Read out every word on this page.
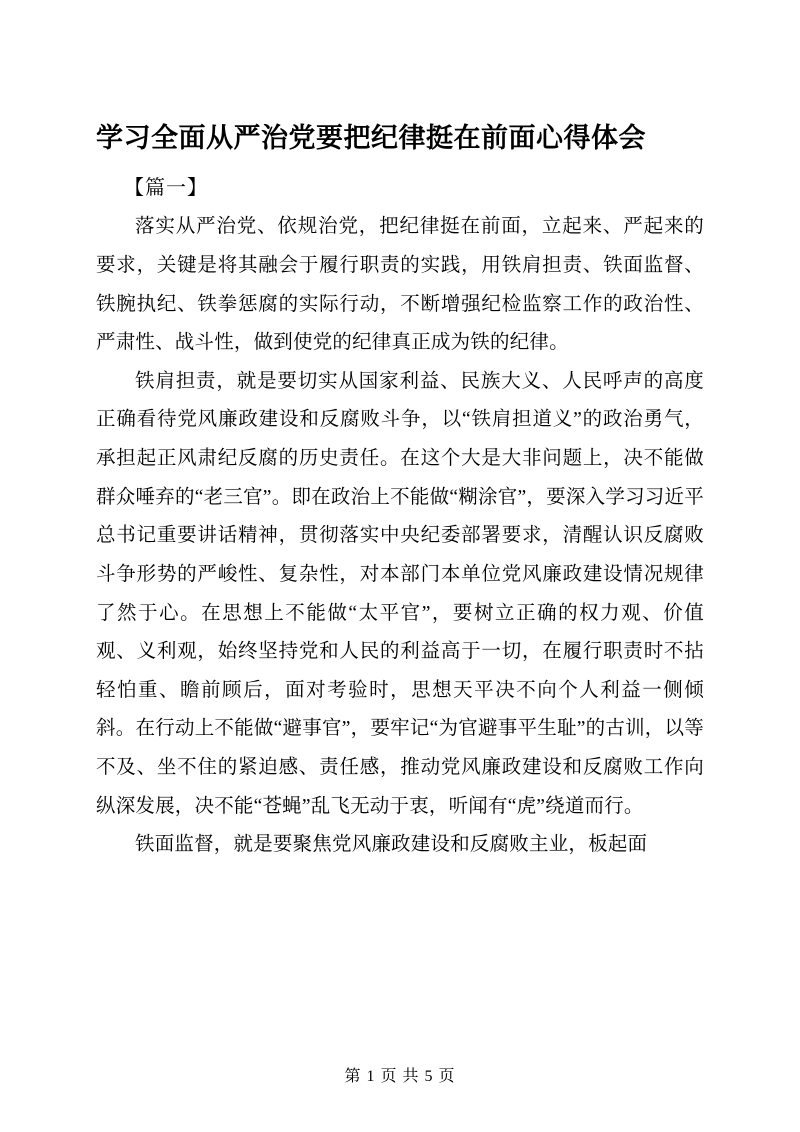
学习全面从严治党要把纪律挺在前面心得体会
【篇一】

落实从严治党、依规治党，把纪律挺在前面，立起来、严起来的要求，关键是将其融会于履行职责的实践，用铁肩担责、铁面监督、铁腕执纪、铁拳惩腐的实际行动，不断增强纪检监察工作的政治性、严肃性、战斗性，做到使党的纪律真正成为铁的纪律。

铁肩担责，就是要切实从国家利益、民族大义、人民呼声的高度正确看待党风廉政建设和反腐败斗争，以“铁肩担道义”的政治勇气，承担起正风肃纪反腐的历史责任。在这个大是大非问题上，决不能做群众唾弃的“老三官”。即在政治上不能做“糊涂官”，要深入学习习近平总书记重要讲话精神，贯彻落实中央纪委部署要求，清醒认识反腐败斗争形势的严峻性、复杂性，对本部门本单位党风廉政建设情况规律了然于心。在思想上不能做“太平官”，要树立正确的权力观、价值观、义利观，始终坚持党和人民的利益高于一切，在履行职责时不拈轻怕重、瞻前顾后，面对考验时，思想天平决不向个人利益一侧倾斜。在行动上不能做“避事官”，要牢记“为官避事平生耻”的古训，以等不及、坐不住的紧迫感、责任感，推动党风廉政建设和反腐败工作向纵深发展，决不能“苍蝇”乱飞无动于衷，听闻有“虎”绕道而行。

铁面监督，就是要聚焦党风廉政建设和反腐败主业，板起面

第 1 页 共 5 页
